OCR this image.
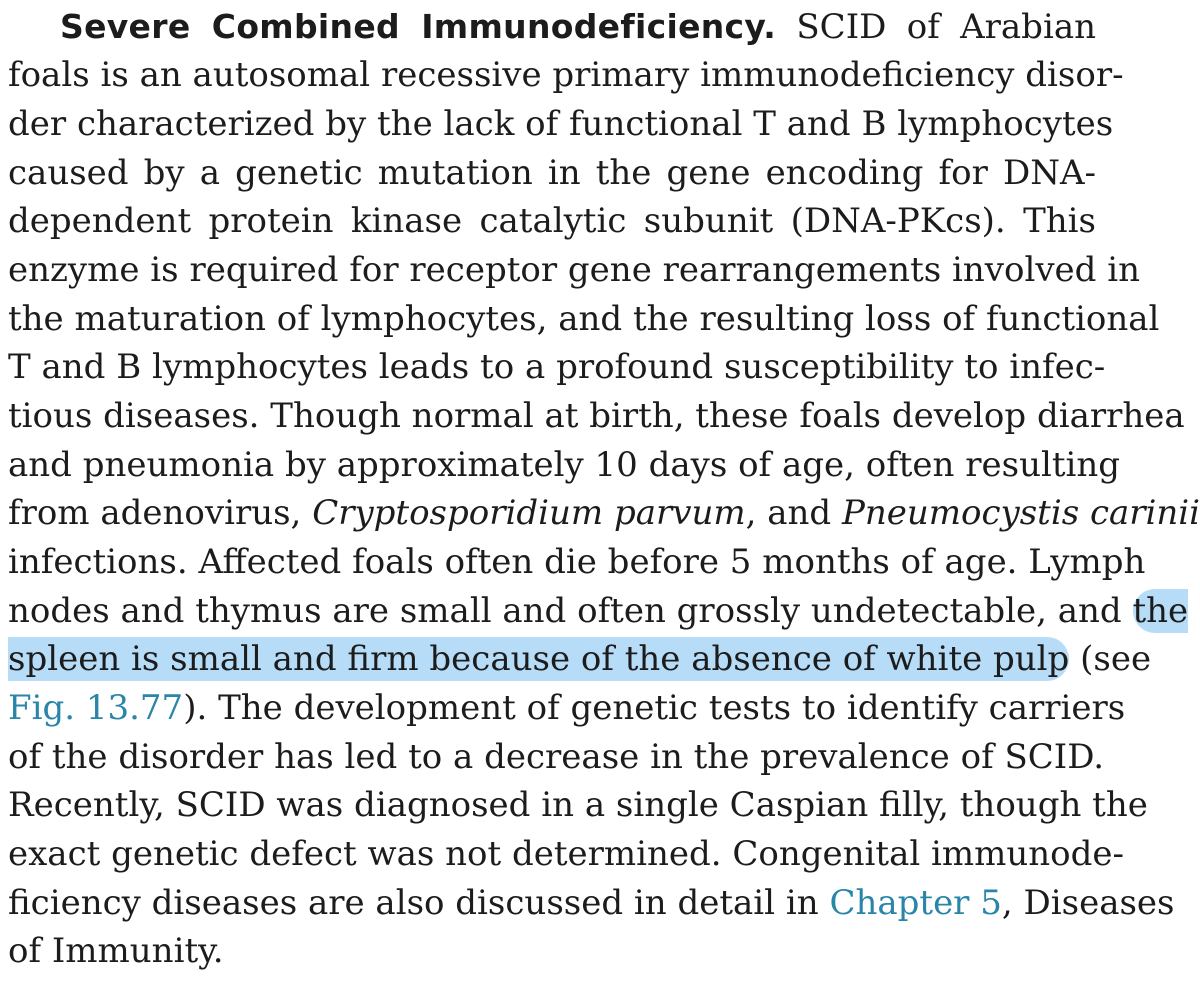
Severe Combined Immunodeficiency. SCID of Arabian
foals is an autosomal recessive primary immunodeficiency disor-
der characterized by the lack of functional T and B lymphocytes
caused by a genetic mutation in the gene encoding for DNA-
dependent protein kinase catalytic subunit (DNA-PKcs). This
enzyme is required for receptor gene rearrangements involved in
the maturation of lymphocytes, and the resulting loss of functional
T and B lymphocytes leads to a profound susceptibility to infec-
tious diseases. Though normal at birth, these foals develop diarrhea
and pneumonia by approximately 10 days of age, often resulting
from adenovirus, Cryptosporidium parvum, and Pneumocystis carinii
infections. Affected foals often die before 5 months of age. Lymph
nodes and thymus are small and often grossly undetectable, and the
spleen is small and firm because of the absence of white pulp (see
Fig. 13.77). The development of genetic tests to identify carriers
of the disorder has led to a decrease in the prevalence of SCID.
Recently, SCID was diagnosed in a single Caspian filly, though the
exact genetic defect was not determined. Congenital immunode-
ficiency diseases are also discussed in detail in Chapter 5, Diseases
of Immunity.
